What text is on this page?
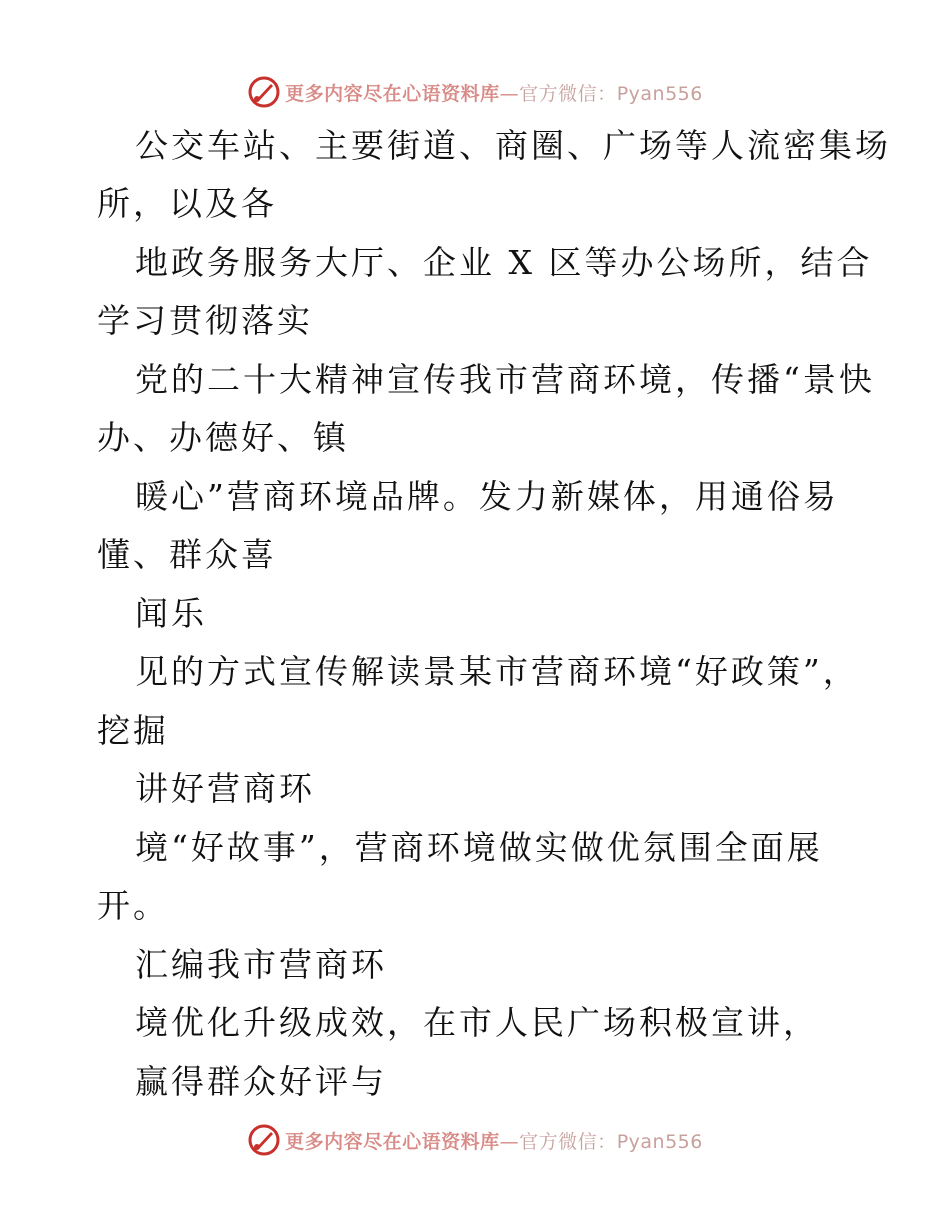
更多内容尽在心语资料库—官方微信：Pyan556
公交车站、主要街道、商圈、广场等人流密集场
所，以及各
地政务服务大厅、企业 X 区等办公场所，结合
学习贯彻落实
党的二十大精神宣传我市营商环境，传播“景快
办、办德好、镇
暖心”营商环境品牌。发力新媒体，用通俗易
懂、群众喜
闻乐
见的方式宣传解读景某市营商环境“好政策”，
挖掘
讲好营商环
境“好故事”，营商环境做实做优氛围全面展
开。
汇编我市营商环
境优化升级成效，在市人民广场积极宣讲，
赢得群众好评与
更多内容尽在心语资料库—官方微信：Pyan556
